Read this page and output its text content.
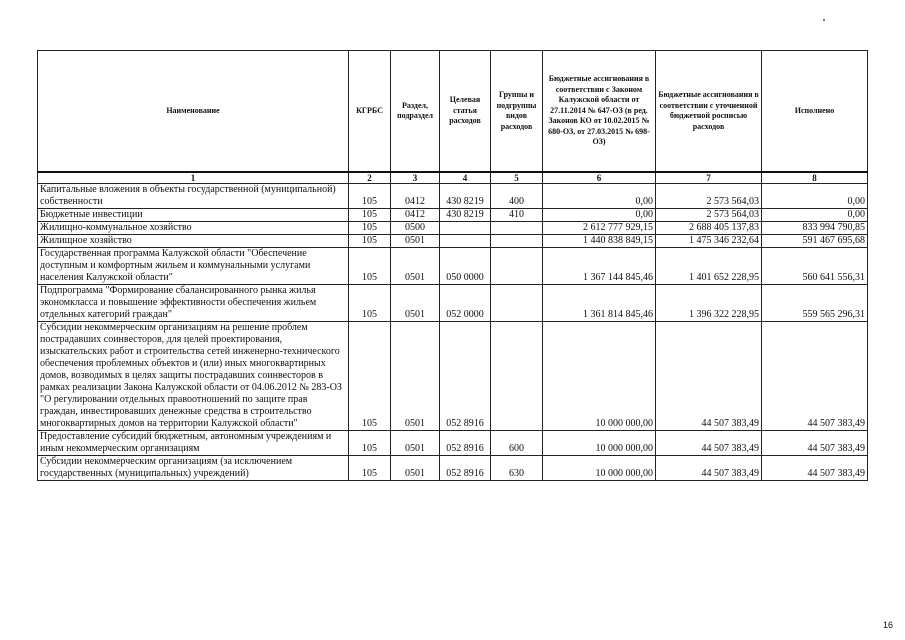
Наименование	КГРБС	Раздел, подраздел	Целевая статья расходов	Группы и подгруппы видов расходов	Бюджетные ассигнования в соответствии с Законом Калужской области от 27.11.2014 № 647-ОЗ (в ред. Законов КО от 10.02.2015 № 680-ОЗ, от 27.03.2015 № 698-ОЗ)	Бюджетные ассигнования в соответствии с уточненной бюджетной росписью расходов	Исполнено
1	2	3	4	5	6	7	8
Капитальные вложения в объекты государственной (муниципальной) собственности	105	0412	430 8219	400	0,00	2 573 564,03	0,00
Бюджетные инвестиции	105	0412	430 8219	410	0,00	2 573 564,03	0,00
Жилищно-коммунальное хозяйство	105	0500			2 612 777 929,15	2 688 405 137,83	833 994 790,85
Жилищное хозяйство	105	0501			1 440 838 849,15	1 475 346 232,64	591 467 695,68
Государственная программа Калужской области "Обеспечение доступным и комфортным жильем и коммунальными услугами населения Калужской области"	105	0501	050 0000		1 367 144 845,46	1 401 652 228,95	560 641 556,31
Подпрограмма "Формирование сбалансированного рынка жилья экономкласса и повышение эффективности обеспечения жильем отдельных категорий граждан"	105	0501	052 0000		1 361 814 845,46	1 396 322 228,95	559 565 296,31
Субсидии некоммерческим организациям на решение проблем пострадавших соинвесторов, для целей проектирования, изыскательских работ и строительства сетей инженерно-технического обеспечения проблемных объектов и (или) иных многоквартирных домов, возводимых в целях защиты пострадавших соинвесторов в рамках реализации Закона Калужской области от 04.06.2012 № 283-ОЗ "О регулировании отдельных правоотношений по защите прав граждан, инвестировавших денежные средства в строительство многоквартирных домов на территории Калужской области"	105	0501	052 8916		10 000 000,00	44 507 383,49	44 507 383,49
Предоставление субсидий бюджетным, автономным учреждениям и иным некоммерческим организациям	105	0501	052 8916	600	10 000 000,00	44 507 383,49	44 507 383,49
Субсидии некоммерческим организациям (за исключением государственных (муниципальных) учреждений)	105	0501	052 8916	630	10 000 000,00	44 507 383,49	44 507 383,49
16
